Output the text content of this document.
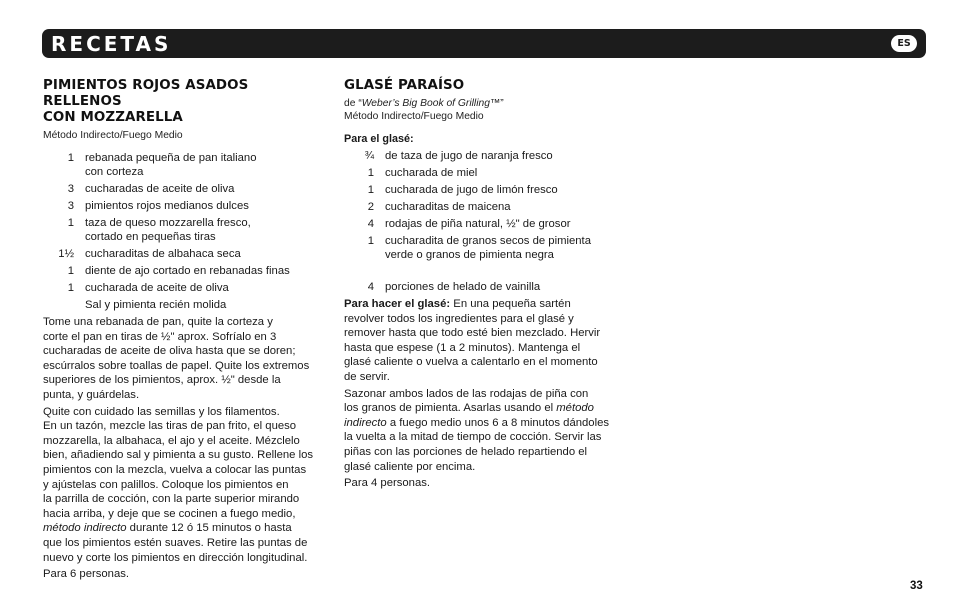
RECETAS	ES
PIMIENTOS ROJOS ASADOS RELLENOS
CON MOZZARELLA
Método Indirecto/Fuego Medio
1 rebanada pequeña de pan italiano
con corteza
3 cucharadas de aceite de oliva
3 pimientos rojos medianos dulces
1 taza de queso mozzarella fresco,
cortado en pequeñas tiras
1½ cucharaditas de albahaca seca
1 diente de ajo cortado en rebanadas finas
1 cucharada de aceite de oliva
Sal y pimienta recién molida
Tome una rebanada de pan, quite la corteza y
corte el pan en tiras de ½" aprox. Sofríalo en 3
cucharadas de aceite de oliva hasta que se doren;
escúrralos sobre toallas de papel. Quite los extremos
superiores de los pimientos, aprox. ½" desde la
punta, y guárdelas.
Quite con cuidado las semillas y los filamentos.
En un tazón, mezcle las tiras de pan frito, el queso
mozzarella, la albahaca, el ajo y el aceite. Mézclelo
bien, añadiendo sal y pimienta a su gusto. Rellene los
pimientos con la mezcla, vuelva a colocar las puntas
y ajústelas con palillos. Coloque los pimientos en
la parrilla de cocción, con la parte superior mirando
hacia arriba, y deje que se cocinen a fuego medio,
método indirecto durante 12 ó 15 minutos o hasta
que los pimientos estén suaves. Retire las puntas de
nuevo y corte los pimientos en dirección longitudinal.
Para 6 personas.
GLASÉ PARAÍSO
de “Weber’s Big Book of Grilling™”
Método Indirecto/Fuego Medio
Para el glasé:
¾ de taza de jugo de naranja fresco
1 cucharada de miel
1 cucharada de jugo de limón fresco
2 cucharaditas de maicena
4 rodajas de piña natural, ½" de grosor
1 cucharadita de granos secos de pimienta
verde o granos de pimienta negra
4 porciones de helado de vainilla
Para hacer el glasé: En una pequeña sartén
revolver todos los ingredientes para el glasé y
remover hasta que todo esté bien mezclado. Hervir
hasta que espese (1 a 2 minutos). Mantenga el
glasé caliente o vuelva a calentarlo en el momento
de servir.
Sazonar ambos lados de las rodajas de piña con
los granos de pimienta. Asarlas usando el método
indirecto a fuego medio unos 6 a 8 minutos dándoles
la vuelta a la mitad de tiempo de cocción. Servir las
piñas con las porciones de helado repartiendo el
glasé caliente por encima.
Para 4 personas.
33
